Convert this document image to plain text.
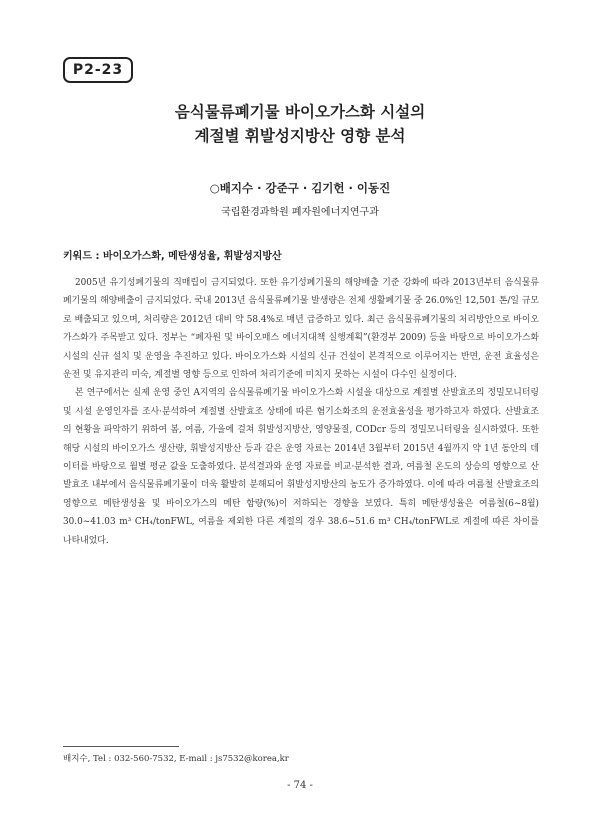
P2-23
음식물류폐기물 바이오가스화 시설의
계절별 휘발성지방산 영향 분석
○배지수 · 강준구 · 김기헌 · 이동진
국립환경과학원 폐자원에너지연구과
키워드 : 바이오가스화, 메탄생성율, 휘발성지방산

2005년 유기성폐기물의 직매립이 금지되었다. 또한 유기성폐기물의 해양배출 기준 강화에 따라 2013년부터 음식물류폐기물의 해양배출이 금지되었다. 국내 2013년 음식물류폐기물 발생량은 전체 생활폐기물 중 26.0%인 12,501 톤/일 규모로 배출되고 있으며, 처리량은 2012년 대비 약 58.4%로 매년 급증하고 있다. 최근 음식물류폐기물의 처리방안으로 바이오가스화가 주목받고 있다. 정부는 “폐자원 및 바이오매스 에너지대책 실행계획”(환경부 2009) 등을 바탕으로 바이오가스화 시설의 신규 설치 및 운영을 추진하고 있다. 바이오가스화 시설의 신규 건설이 본격적으로 이루어지는 반면, 운전 효율성은 운전 및 유지관리 미숙, 계절별 영향 등으로 인하여 처리기준에 미치지 못하는 시설이 다수인 실정이다.

본 연구에서는 실제 운영 중인 A지역의 음식물류폐기물 바이오가스화 시설을 대상으로 계절별 산발효조의 정밀모니터링 및 시설 운영인자를 조사·분석하여 계절별 산발효조 상태에 따른 혐기소화조의 운전효율성을 평가하고자 하였다. 산발효조의 현황을 파악하기 위하여 봄, 여름, 가을에 걸쳐 휘발성지방산, 영양물질, CODcr 등의 정밀모니터링을 실시하였다. 또한 해당 시설의 바이오가스 생산량, 휘발성지방산 등과 같은 운영 자료는 2014년 3월부터 2015년 4월까지 약 1년 동안의 데이터를 바탕으로 월별 평균 값을 도출하였다. 분석결과와 운영 자료를 비교·분석한 결과, 여름철 온도의 상승의 영향으로 산발효조 내부에서 음식물류폐기물이 더욱 활발히 분해되어 휘발성지방산의 농도가 증가하였다. 이에 따라 여름철 산발효조의 영향으로 메탄생성율 및 바이오가스의 메탄 함량(%)이 저하되는 경향을 보였다. 특히 메탄생성율은 여름철(6~8월) 30.0~41.03 m³ CH₄/tonFWL, 여름을 제외한 다른 계절의 경우 38.6~51.6 m³ CH₄/tonFWL로 계절에 따른 차이를 나타내었다.

배지수, Tel : 032-560-7532, E-mail : js7532@korea,kr
- 74 -
